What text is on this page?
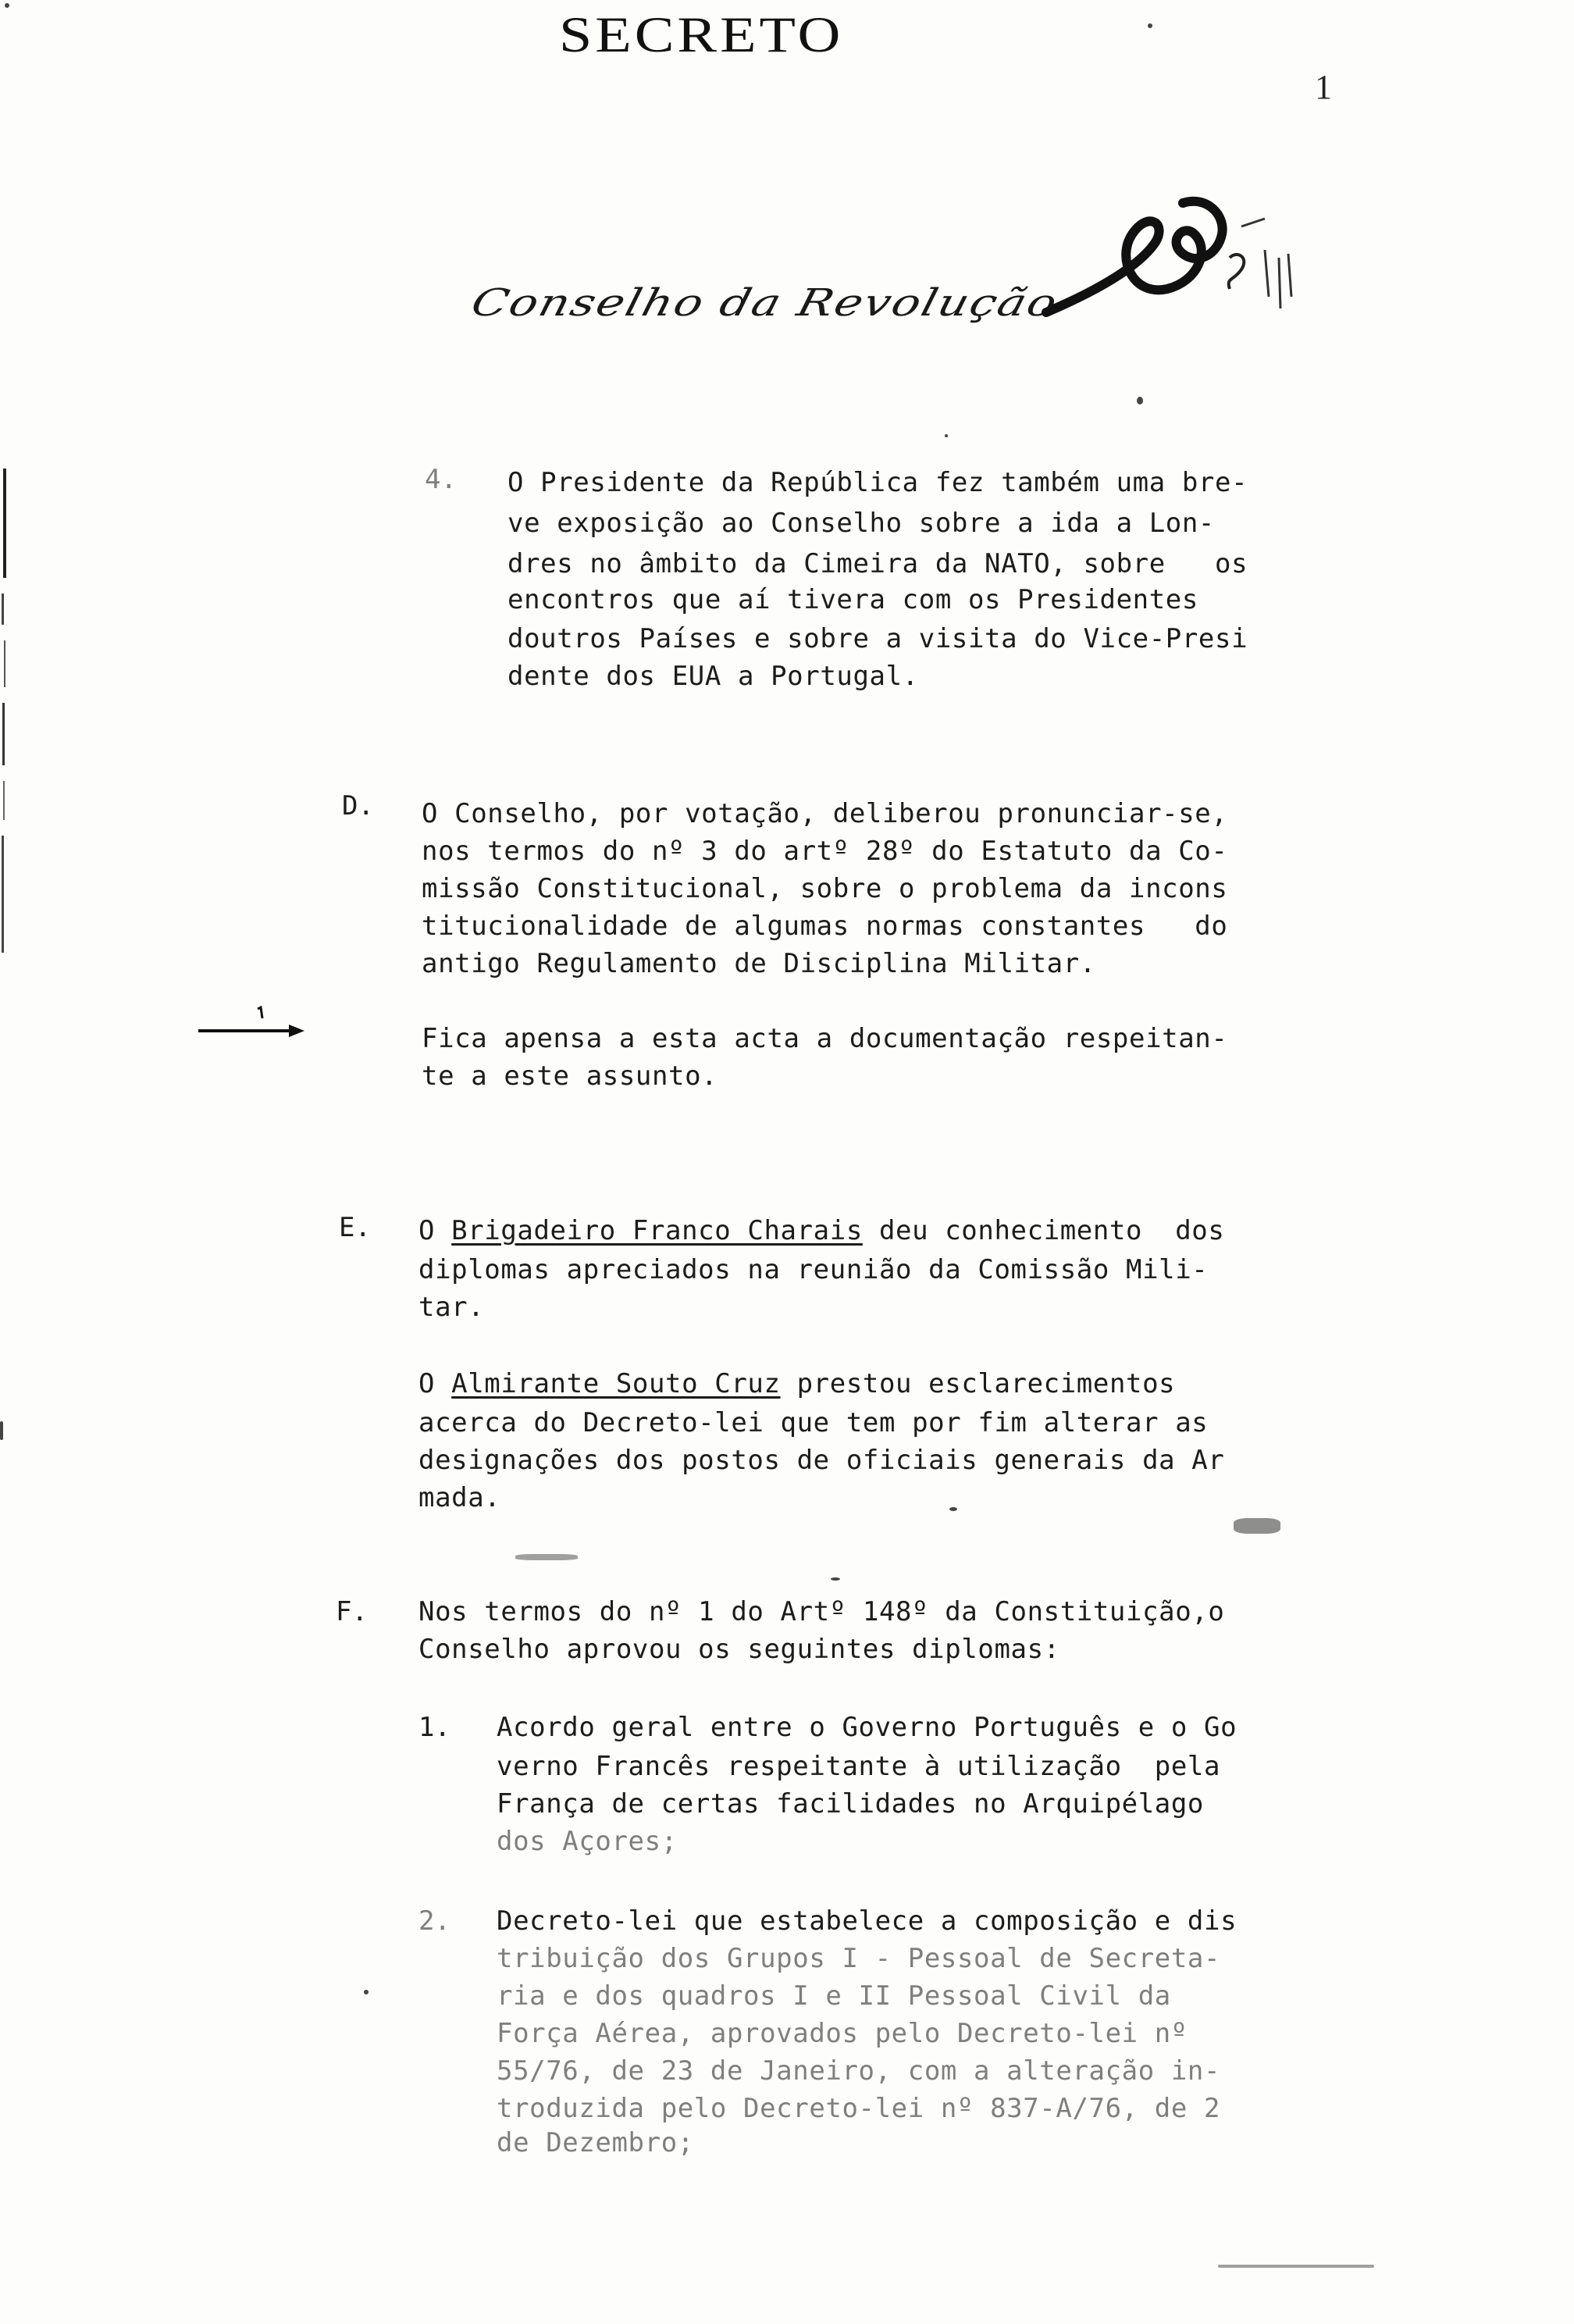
SECRETO
1
Conselho da Revolução
4. O Presidente da República fez também uma bre-
ve exposição ao Conselho sobre a ida a Lon-
dres no âmbito da Cimeira da NATO, sobre   os
encontros que aí tivera com os Presidentes
doutros Países e sobre a visita do Vice-Presi
dente dos EUA a Portugal.
D. O Conselho, por votação, deliberou pronunciar-se,
nos termos do nº 3 do artº 28º do Estatuto da Co-
missão Constitucional, sobre o problema da incons
titucionalidade de algumas normas constantes   do
antigo Regulamento de Disciplina Militar.
Fica apensa a esta acta a documentação respeitan-
te a este assunto.
E. O Brigadeiro Franco Charais deu conhecimento  dos
diplomas apreciados na reunião da Comissão Mili-
tar.
O Almirante Souto Cruz prestou esclarecimentos
acerca do Decreto-lei que tem por fim alterar as
designações dos postos de oficiais generais da Ar
mada.
F. Nos termos do nº 1 do Artº 148º da Constituição,o
Conselho aprovou os seguintes diplomas:
1. Acordo geral entre o Governo Português e o Go
verno Francês respeitante à utilização  pela
França de certas facilidades no Arquipélago
dos Açores;
2. Decreto-lei que estabelece a composição e dis
tribuição dos Grupos I - Pessoal de Secreta-
ria e dos quadros I e II Pessoal Civil da
Força Aérea, aprovados pelo Decreto-lei nº
55/76, de 23 de Janeiro, com a alteração in-
troduzida pelo Decreto-lei nº 837-A/76, de 2
de Dezembro;
